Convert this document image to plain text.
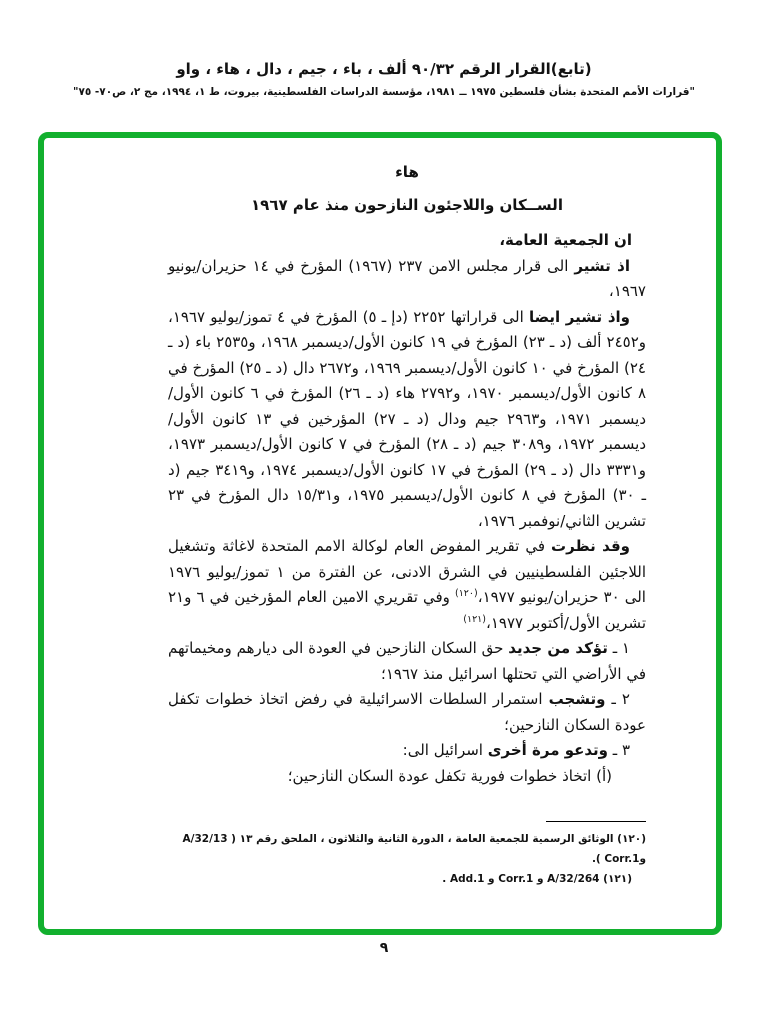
(تابع)القرار الرقم ٩٠/٣٢ ألف ، باء ، جيم ، دال ، هاء ، واو
"قرارات الأمم المتحدة بشأن فلسطين ١٩٧٥ ــ ١٩٨١، مؤسسة الدراسات الفلسطينية، بيروت، ط ١، ١٩٩٤، مج ٢، ص٧٠- ٧٥"
هاء
الســكان واللاجئون النازحون منذ عام ١٩٦٧

ان الجمعية العامة،

اذ تشير الى قرار مجلس الامن ٢٣٧ (١٩٦٧) المؤرخ في ١٤ حزيران/يونيو ١٩٦٧،

واذ تشير ايضا الى قراراتها ٢٢٥٢ (دإ ـ ٥) المؤرخ في ٤ تموز/يوليو ١٩٦٧، و٢٤٥٢ ألف (د ـ ٢٣) المؤرخ في ١٩ كانون الأول/ديسمبر ١٩٦٨، و٢٥٣٥ باء (د ـ ٢٤) المؤرخ في ١٠ كانون الأول/ديسمبر ١٩٦٩، و٢٦٧٢ دال (د ـ ٢٥) المؤرخ في ٨ كانون الأول/ديسمبر ١٩٧٠، و٢٧٩٢ هاء (د ـ ٢٦) المؤرخ في ٦ كانون الأول/ديسمبر ١٩٧١، و٢٩٦٣ جيم ودال (د ـ ٢٧) المؤرخين في ١٣ كانون الأول/ديسمبر ١٩٧٢، و٣٠٨٩ جيم (د ـ ٢٨) المؤرخ في ٧ كانون الأول/ديسمبر ١٩٧٣، و٣٣٣١ دال (د ـ ٢٩) المؤرخ في ١٧ كانون الأول/ديسمبر ١٩٧٤، و٣٤١٩ جيم (د ـ ٣٠) المؤرخ في ٨ كانون الأول/ديسمبر ١٩٧٥، و١٥/٣١ دال المؤرخ في ٢٣ تشرين الثاني/نوفمبر ١٩٧٦،

وقد نظرت في تقرير المفوض العام لوكالة الامم المتحدة لاغاثة وتشغيل اللاجئين الفلسطينيين في الشرق الادنى، عن الفترة من ١ تموز/يوليو ١٩٧٦ الى ٣٠ حزيران/يونيو ١٩٧٧،$^{(١٢٠)}$ وفي تقريري الامين العام المؤرخين في ٦ و٢١ تشرين الأول/أكتوبر ١٩٧٧،$^{(١٢١)}$

١ ـ تؤكد من جديد حق السكان النازحين في العودة الى ديارهم ومخيماتهم في الأراضي التي تحتلها اسرائيل منذ ١٩٦٧؛

٢ ـ وتشجب استمرار السلطات الاسرائيلية في رفض اتخاذ خطوات تكفل عودة السكان النازحين؛

٣ ـ وتدعو مرة أخرى اسرائيل الى:

(أ) اتخاذ خطوات فورية تكفل عودة السكان النازحين؛

(١٢٠) الوثائق الرسمية للجمعية العامة ، الدورة الثانية والثلاثون ، الملحق رقم ١٣ ( A/32/13 وCorr.1 ).
(١٢١) A/32/264 و Corr.1 و Add.1 .
٩
